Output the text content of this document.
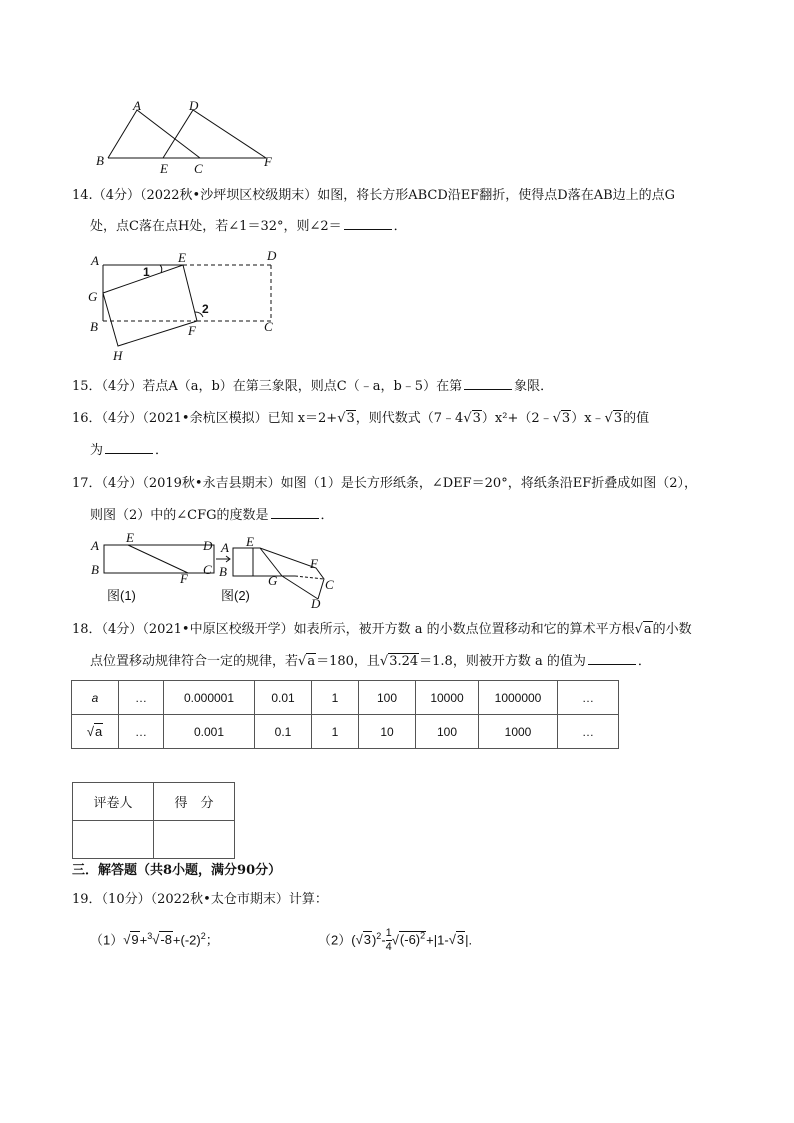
A	D
B
E C	F
14.（4分）（2022秋•沙坪坝区校级期末）如图，将长方形ABCD沿EF翻折，使得点D落在AB边上的点G
处，点C落在点H处，若∠1＝32°，则∠2＝	．
A	E	D
1
G
2
B	F	C
H
15．（4分）若点A（a，b）在第三象限，则点C（﹣a，b﹣5）在第	象限．
16．（4分）（2021•余杭区模拟）已知 x＝2+√3，则代数式（7﹣4√3）x²+（2﹣√3）x﹣√3的值
为	．
17．（4分）（2019秋•永吉县期末）如图（1）是长方形纸条，∠DEF＝20°，将纸条沿EF折叠成如图（2），
则图（2）中的∠CFG的度数是	．
A
E
D
B
F
C
图(1)
A E
B
G
F
C
D
图(2)
18．（4分）（2021•中原区校级开学）如表所示，被开方数 a 的小数点位置移动和它的算术平方根√a的小数
点位置移动规律符合一定的规律，若√a＝180，且√3.24＝1.8，则被开方数 a 的值为	．
a	…	0.000001	0.01	1	100	10000	1000000	…
√a	…	0.001	0.1	1	10	100	1000	…
评卷人	得　分

三．解答题（共8小题，满分90分）
19．（10分）（2022秋•太仓市期末）计算：
$(1)√9+^3√-8+(-2)^2$；	$(2)(√3)^2- \frac{1}{4} √(-6)^2+|1-√3|$.
